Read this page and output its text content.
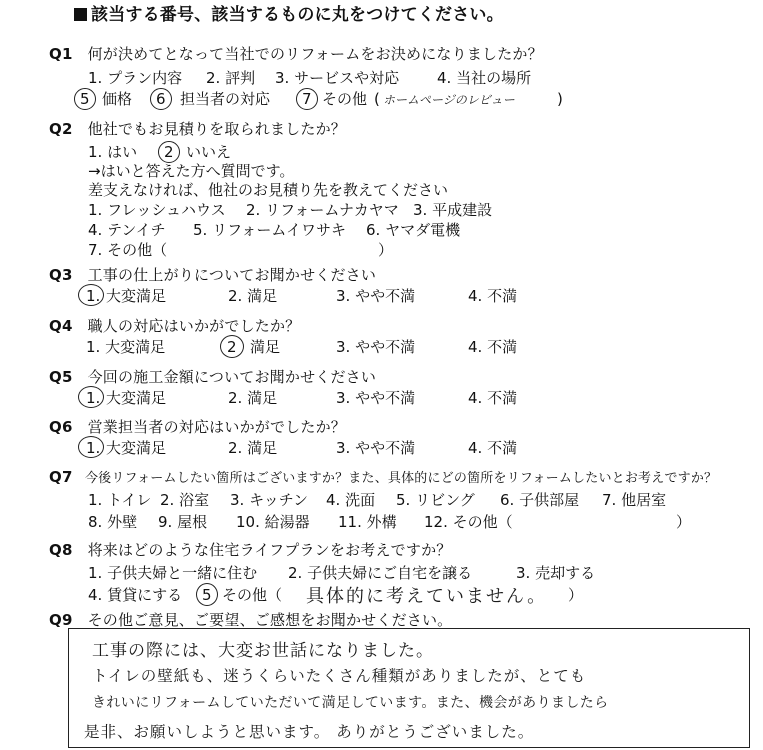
該当する番号、該当するものに丸をつけてください。
Q1 何が決めてとなって当社でのリフォームをお決めになりましたか？
1. プラン内容 2. 評判 3. サービスや対応	4. 当社の場所
5 価格 6 担当者の対応 7 その他 ( ホームページのレビュー	)
Q2 他社でもお見積りを取られましたか？
1. はい 2 いいえ
→はいと答えた方へ質問です。
差支えなければ、他社のお見積り先を教えてください
1. フレッシュハウス 2. リフォームナカヤマ 3. 平成建設
4. テンイチ 5. リフォームイワサキ 6. ヤマダ電機
7. その他（	）
Q3 工事の仕上がりについてお聞かせください
1. 大変満足	2. 満足	3. やや不満	4. 不満
Q4 職人の対応はいかがでしたか？
1. 大変満足	2 満足	3. やや不満	4. 不満
Q5 今回の施工金額についてお聞かせください
1. 大変満足	2. 満足	3. やや不満	4. 不満
Q6 営業担当者の対応はいかがでしたか？
1. 大変満足	2. 満足	3. やや不満	4. 不満
Q7 今後リフォームしたい箇所はございますか？また、具体的にどの箇所をリフォームしたいとお考えですか？
1. トイレ 2. 浴室 3. キッチン 4. 洗面 5. リビング 6. 子供部屋 7. 他居室
8. 外壁 9. 屋根 10. 給湯器 11. 外構 12. その他（	）
Q8 将来はどのような住宅ライフプランをお考えですか？
1. 子供夫婦と一緒に住む 2. 子供夫婦にご自宅を譲る	3. 売却する
4. 賃貸にする 5 その他（ 具体的に考えていません。 ）
Q9 その他ご意見、ご要望、ご感想をお聞かせください。
工事の際には、大変お世話になりました。
トイレの壁紙も、迷うくらいたくさん種類がありましたが、とても
きれいにリフォームしていただいて満足しています。また、機会がありましたら
是非、お願いしようと思います。 ありがとうございました。
